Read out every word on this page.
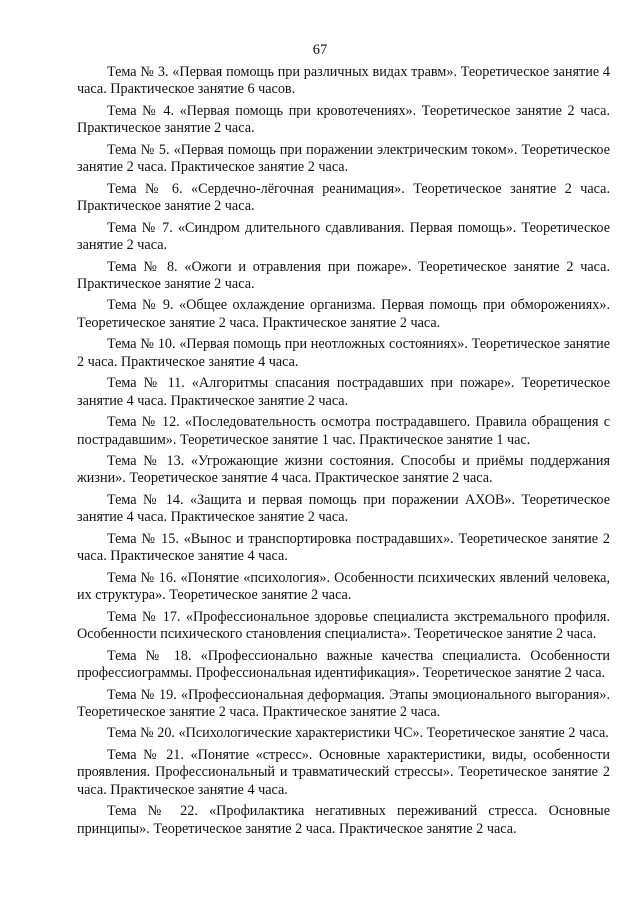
67

Тема № 3. «Первая помощь при различных видах травм». Теоретическое занятие 4 часа. Практическое занятие 6 часов.

Тема № 4. «Первая помощь при кровотечениях». Теоретическое занятие 2 часа. Практическое занятие 2 часа.

Тема № 5. «Первая помощь при поражении электрическим током». Теоретическое занятие 2 часа. Практическое занятие 2 часа.

Тема № 6. «Сердечно-лёгочная реанимация». Теоретическое занятие 2 часа. Практическое занятие 2 часа.

Тема № 7. «Синдром длительного сдавливания. Первая помощь». Теоретическое занятие 2 часа.

Тема № 8. «Ожоги и отравления при пожаре». Теоретическое занятие 2 часа. Практическое занятие 2 часа.

Тема № 9. «Общее охлаждение организма. Первая помощь при обморожениях». Теоретическое занятие 2 часа. Практическое занятие 2 часа.

Тема № 10. «Первая помощь при неотложных состояниях». Теоретическое занятие 2 часа. Практическое занятие 4 часа.

Тема № 11. «Алгоритмы спасания пострадавших при пожаре». Теоретическое занятие 4 часа. Практическое занятие 2 часа.

Тема № 12. «Последовательность осмотра пострадавшего. Правила обращения с пострадавшим». Теоретическое занятие 1 час. Практическое занятие 1 час.

Тема № 13. «Угрожающие жизни состояния. Способы и приёмы поддержания жизни». Теоретическое занятие 4 часа. Практическое занятие 2 часа.

Тема № 14. «Защита и первая помощь при поражении АХОВ». Теоретическое занятие 4 часа. Практическое занятие 2 часа.

Тема № 15. «Вынос и транспортировка пострадавших». Теоретическое занятие 2 часа. Практическое занятие 4 часа.

Тема № 16. «Понятие «психология». Особенности психических явлений человека, их структура». Теоретическое занятие 2 часа.

Тема № 17. «Профессиональное здоровье специалиста экстремального профиля. Особенности психического становления специалиста». Теоретическое занятие 2 часа.

Тема № 18. «Профессионально важные качества специалиста. Особенности профессиограммы. Профессиональная идентификация». Теоретическое занятие 2 часа.

Тема № 19. «Профессиональная деформация. Этапы эмоционального выгорания». Теоретическое занятие 2 часа. Практическое занятие 2 часа.

Тема № 20. «Психологические характеристики ЧС». Теоретическое занятие 2 часа.

Тема № 21. «Понятие «стресс». Основные характеристики, виды, особенности проявления. Профессиональный и травматический стрессы». Теоретическое занятие 2 часа. Практическое занятие 4 часа.

Тема № 22. «Профилактика негативных переживаний стресса. Основные принципы». Теоретическое занятие 2 часа. Практическое занятие 2 часа.
